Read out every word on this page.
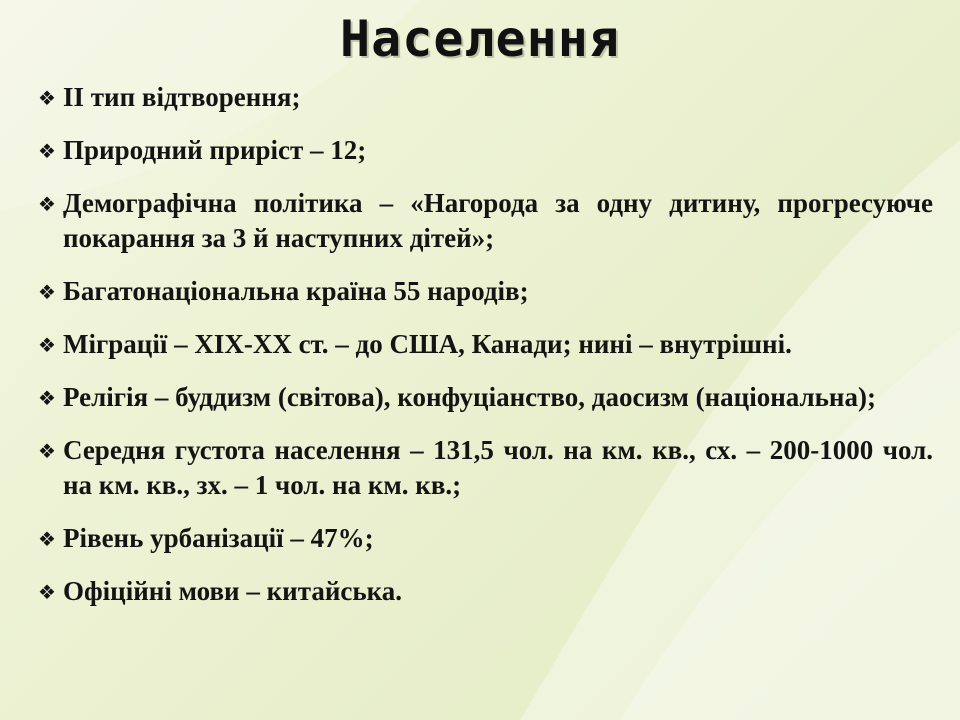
Населення
❖ ІІ тип відтворення;
❖ Природний приріст – 12;
❖ Демографічна політика – «Нагорода за одну дитину, прогресуюче покарання за 3 й наступних дітей»;
❖ Багатонаціональна країна 55 народів;
❖ Міграції – ХІХ-ХХ ст. – до США, Канади; нині – внутрішні.
❖ Релігія – буддизм (світова), конфуціанство, даосизм (національна);
❖ Середня густота населення – 131,5 чол. на км. кв., сх. – 200-1000 чол. на км. кв., зх. – 1 чол. на км. кв.;
❖ Рівень урбанізації – 47%;
❖ Офіційні мови – китайська.
